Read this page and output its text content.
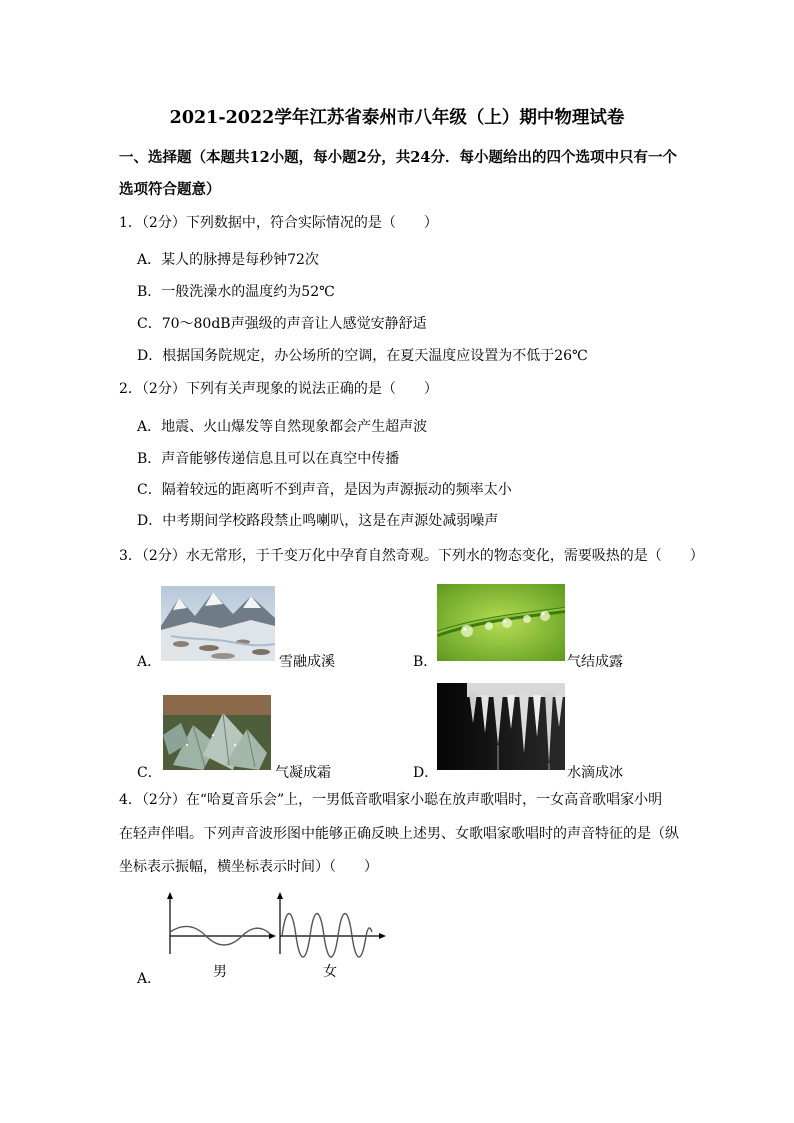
2021-2022学年江苏省泰州市八年级（上）期中物理试卷
一、选择题（本题共12小题，每小题2分，共24分．每小题给出的四个选项中只有一个
选项符合题意）
1．（2分）下列数据中，符合实际情况的是（　　）
A．某人的脉搏是每秒钟72次
B．一般洗澡水的温度约为52℃
C．70～80dB声强级的声音让人感觉安静舒适
D．根据国务院规定，办公场所的空调，在夏天温度应设置为不低于26℃
2．（2分）下列有关声现象的说法正确的是（　　）
A．地震、火山爆发等自然现象都会产生超声波
B．声音能够传递信息且可以在真空中传播
C．隔着较远的距离听不到声音，是因为声源振动的频率太小
D．中考期间学校路段禁止鸣喇叭，这是在声源处减弱噪声
3．（2分）水无常形，于千变万化中孕育自然奇观。下列水的物态变化，需要吸热的是（　　）
A．	雪融成溪	B．	气结成露
C．	气凝成霜	D．	水滴成冰
4．（2分）在“哈夏音乐会”上，一男低音歌唱家小聪在放声歌唱时，一女高音歌唱家小明
在轻声伴唱。下列声音波形图中能够正确反映上述男、女歌唱家歌唱时的声音特征的是（纵
坐标表示振幅，横坐标表示时间）（　　）
A．	男	女
